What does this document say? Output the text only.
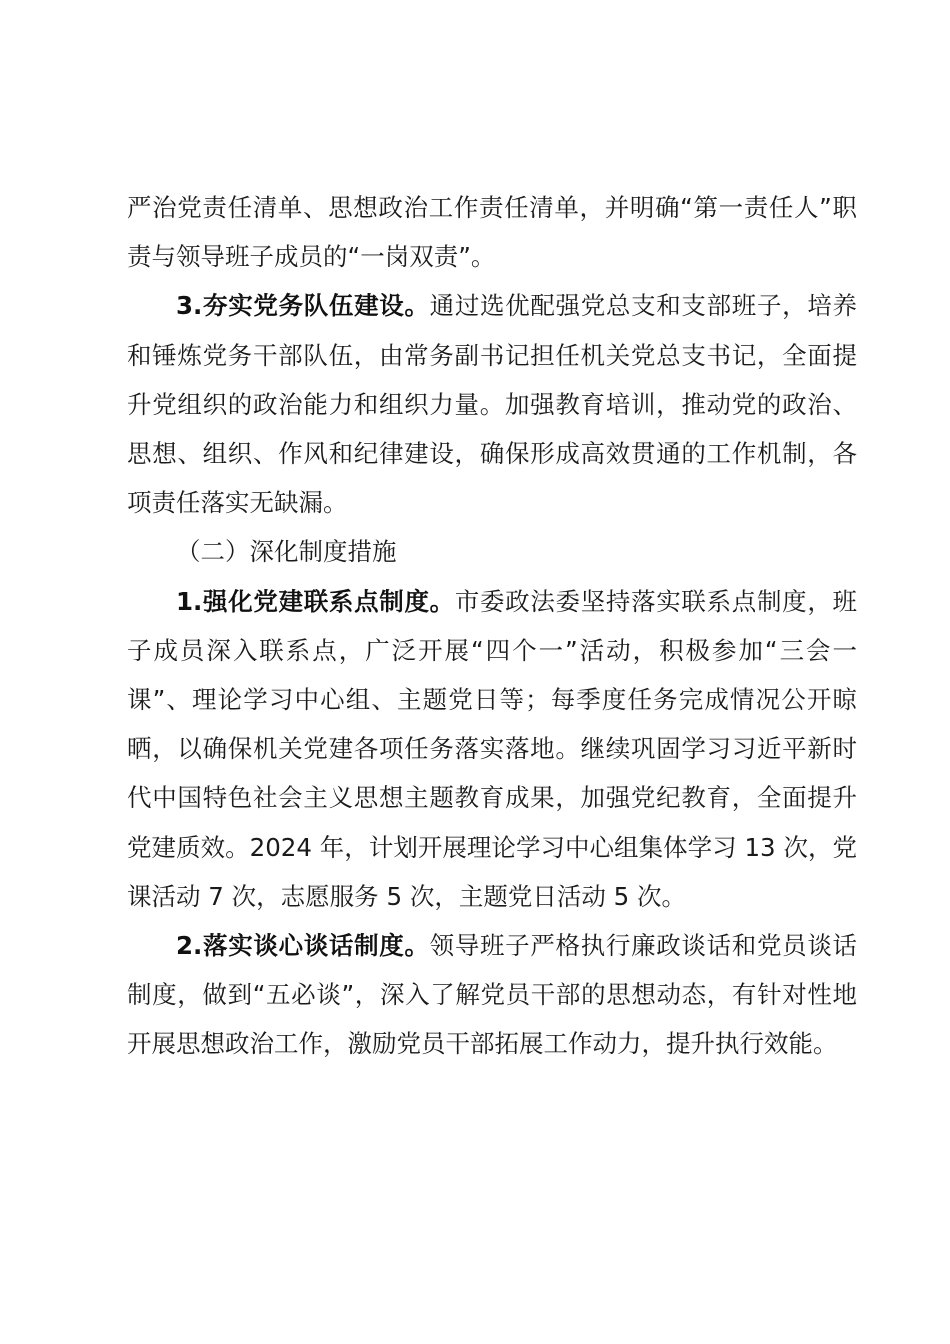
严治党责任清单、思想政治工作责任清单，并明确“第一责任人”职责与领导班子成员的“一岗双责”。

3.夯实党务队伍建设。通过选优配强党总支和支部班子，培养和锤炼党务干部队伍，由常务副书记担任机关党总支书记，全面提升党组织的政治能力和组织力量。加强教育培训，推动党的政治、思想、组织、作风和纪律建设，确保形成高效贯通的工作机制，各项责任落实无缺漏。

（二）深化制度措施

1.强化党建联系点制度。市委政法委坚持落实联系点制度，班子成员深入联系点，广泛开展“四个一”活动，积极参加“三会一课”、理论学习中心组、主题党日等；每季度任务完成情况公开晾晒，以确保机关党建各项任务落实落地。继续巩固学习习近平新时代中国特色社会主义思想主题教育成果，加强党纪教育，全面提升党建质效。2024 年，计划开展理论学习中心组集体学习 13 次，党课活动 7 次，志愿服务 5 次，主题党日活动 5 次。

2.落实谈心谈话制度。领导班子严格执行廉政谈话和党员谈话制度，做到“五必谈”，深入了解党员干部的思想动态，有针对性地开展思想政治工作，激励党员干部拓展工作动力，提升执行效能。
